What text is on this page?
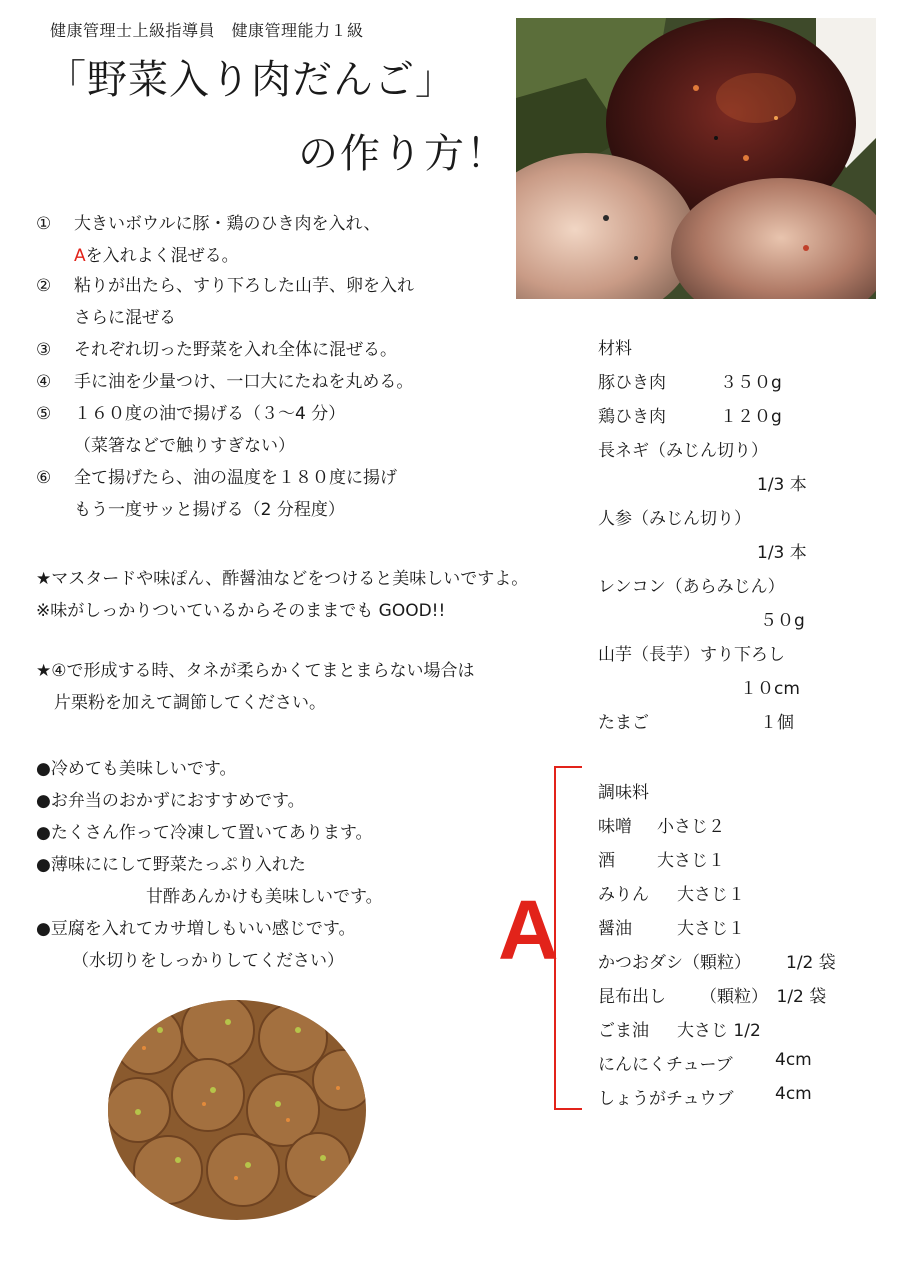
健康管理士上級指導員　健康管理能力１級
「野菜入り肉だんご」
の作り方！
① 大きいボウルに豚・鶏のひき肉を入れ、
Aを入れよく混ぜる。
② 粘りが出たら、すり下ろした山芋、卵を入れ
さらに混ぜる
③ それぞれ切った野菜を入れ全体に混ぜる。
④ 手に油を少量つけ、一口大にたねを丸める。
⑤ １６０度の油で揚げる（３～4 分）
（菜箸などで触りすぎない）
⑥ 全て揚げたら、油の温度を１８０度に揚げ
もう一度サッと揚げる（2 分程度）
★マスタードや味ぽん、酢醤油などをつけると美味しいですよ。
※味がしっかりついているからそのままでも GOOD!!
★④で形成する時、タネが柔らかくてまとまらない場合は
片栗粉を加えて調節してください。
●冷めても美味しいです。
●お弁当のおかずにおすすめです。
●たくさん作って冷凍して置いてあります。
●薄味ににして野菜たっぷり入れた
甘酢あんかけも美味しいです。
●豆腐を入れてカサ増しもいい感じです。
（水切りをしっかりしてください）
材料
豚ひき肉	３５０g
鶏ひき肉	１２０g
長ネギ（みじん切り）
1/3 本
人参（みじん切り）
1/3 本
レンコン（あらみじん）
５０g
山芋（長芋）すり下ろし
１０cm
たまご	１個
A
調味料
味噌 小さじ２
酒 大さじ１
みりん 大さじ１
醤油	大さじ１
かつおダシ（顆粒） 1/2 袋
昆布出し （顆粒）　1/2 袋
ごま油 大さじ 1/2
にんにくチューブ 4cm
しょうがチュウブ 4cm
